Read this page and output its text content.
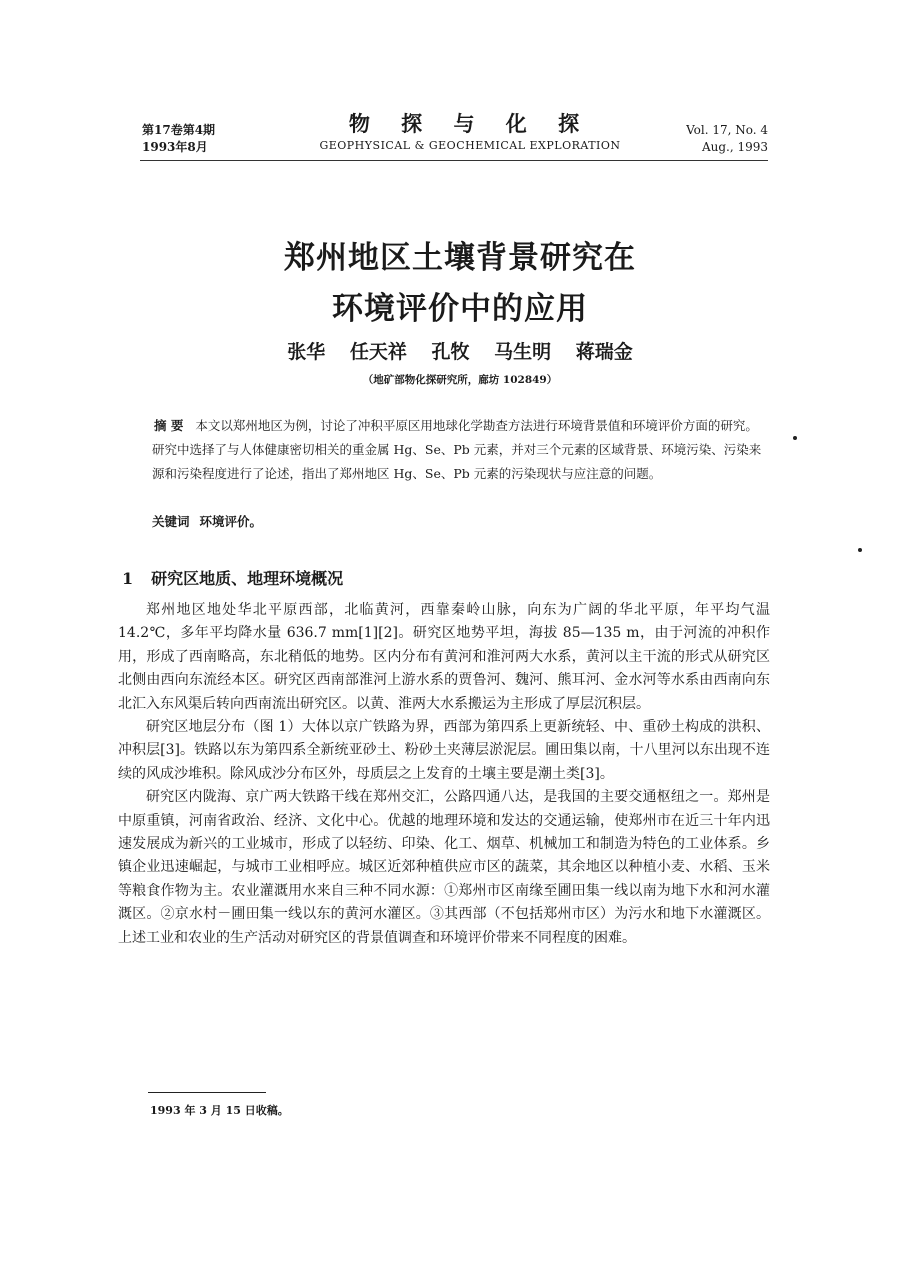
第17卷第4期
1993年8月
物 探 与 化 探
GEOPHYSICAL & GEOCHEMICAL EXPLORATION
Vol. 17, No. 4
Aug., 1993
郑州地区土壤背景研究在
环境评价中的应用
张华 任天祥 孔牧 马生明 蒋瑞金
（地矿部物化探研究所，廊坊 102849）
摘 要 本文以郑州地区为例，讨论了冲积平原区用地球化学勘查方法进行环境背景值和环境评价方面的研究。研究中选择了与人体健康密切相关的重金属 Hg、Se、Pb 元素，并对三个元素的区域背景、环境污染、污染来源和污染程度进行了论述，指出了郑州地区 Hg、Se、Pb 元素的污染现状与应注意的问题。
关键词 环境评价。
1 研究区地质、地理环境概况

郑州地区地处华北平原西部，北临黄河，西靠秦岭山脉，向东为广阔的华北平原，年平均气温 14.2℃，多年平均降水量 636.7 mm[1][2]。研究区地势平坦，海拔 85—135 m，由于河流的冲积作用，形成了西南略高，东北稍低的地势。区内分布有黄河和淮河两大水系，黄河以主干流的形式从研究区北侧由西向东流经本区。研究区西南部淮河上游水系的贾鲁河、魏河、熊耳河、金水河等水系由西南向东北汇入东风渠后转向西南流出研究区。以黄、淮两大水系搬运为主形成了厚层沉积层。

研究区地层分布（图 1）大体以京广铁路为界，西部为第四系上更新统轻、中、重砂土构成的洪积、冲积层[3]。铁路以东为第四系全新统亚砂土、粉砂土夹薄层淤泥层。圃田集以南，十八里河以东出现不连续的风成沙堆积。除风成沙分布区外，母质层之上发育的土壤主要是潮土类[3]。

研究区内陇海、京广两大铁路干线在郑州交汇，公路四通八达，是我国的主要交通枢纽之一。郑州是中原重镇，河南省政治、经济、文化中心。优越的地理环境和发达的交通运输，使郑州市在近三十年内迅速发展成为新兴的工业城市，形成了以轻纺、印染、化工、烟草、机械加工和制造为特色的工业体系。乡镇企业迅速崛起，与城市工业相呼应。城区近郊种植供应市区的蔬菜，其余地区以种植小麦、水稻、玉米等粮食作物为主。农业灌溉用水来自三种不同水源：①郑州市区南缘至圃田集一线以南为地下水和河水灌溉区。②京水村－圃田集一线以东的黄河水灌区。③其西部（不包括郑州市区）为污水和地下水灌溉区。上述工业和农业的生产活动对研究区的背景值调查和环境评价带来不同程度的困难。

1993 年 3 月 15 日收稿。
